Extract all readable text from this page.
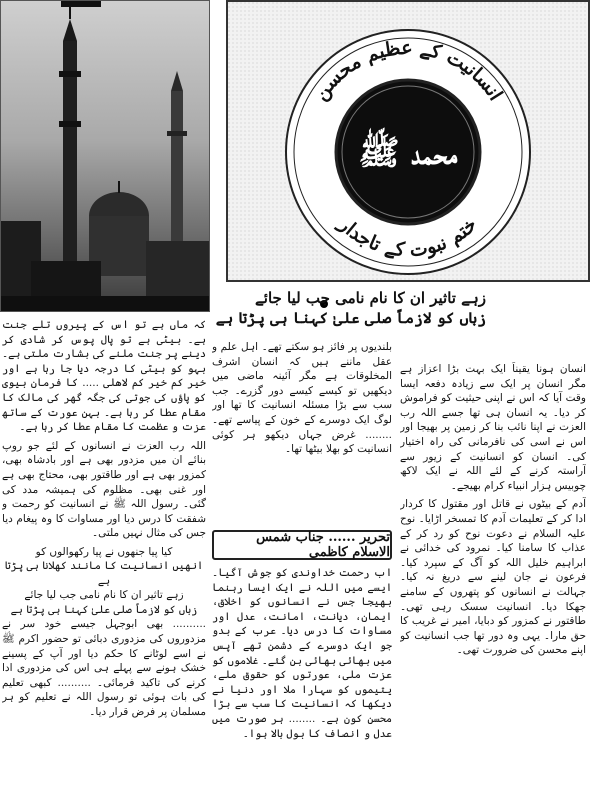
انسانیت کے عظیم محسن
ختم نبوت کے تاجدار
محمد ﷺ
زہے تاثیر ان کا نام نامی جب لیا جائے
زباں کو لازماً صلی علیٰ کہنا ہی پڑتا ہے

انسان ہونا یقیناً ایک بہت بڑا اعزاز ہے مگر انسان پر ایک سے زیادہ دفعہ ایسا وقت آیا کہ اس نے اپنی حیثیت کو فراموش کر دیا۔ یہ انسان ہی تھا جسے اللہ رب العزت نے اپنا نائب بنا کر زمین پر بھیجا اور اس نے اسی کی نافرمانی کی راہ اختیار کی۔ انسان کو انسانیت کے زیور سے آراستہ کرنے کے لئے اللہ نے ایک لاکھ چوبیس ہزار انبیاء کرام بھیجے۔

آدم کے بیٹوں نے قاتل اور مقتول کا کردار ادا کر کے تعلیمات آدم کا تمسخر اڑایا۔ نوح علیہ السلام نے دعوت نوح کو رد کر کے عذاب کا سامنا کیا۔ نمرود کی خدائی نے ابراہیم خلیل اللہ کو آگ کے سپرد کیا۔ فرعون نے جان لینے سے دریغ نہ کیا۔ جہالت نے انسانوں کو پتھروں کے سامنے جھکا دیا۔ انسانیت سسک رہی تھی۔ طاقتور نے کمزور کو دبایا، امیر نے غریب کا حق مارا۔ یہی وہ دور تھا جب انسانیت کو اپنے محسن کی ضرورت تھی۔

بلندیوں پر فائز ہو سکتے تھے۔ اہل علم و عقل ماننے ہیں کہ انسان اشرف المخلوقات ہے مگر آئینہ ماضی میں دیکھیں تو کیسے کیسے دور گزرے۔ جب سب سے بڑا مسئلہ انسانیت کا تھا اور لوگ ایک دوسرے کے خون کے پیاسے تھے۔ ........ غرض جہاں دیکھو ہر کوئی انسانیت کو بھلا بیٹھا تھا۔

تحریر ...... جناب شمس الاسلام کاظمی

اب رحمت خداوندی کو جوش آگیا۔ ایسے میں اللہ نے ایک ایسا رہنما بھیجا جس نے انسانوں کو اخلاق، ایمان، دیانت، امانت، عدل اور مساوات کا درس دیا۔ عرب کے بدو جو ایک دوسرے کے دشمن تھے آپس میں بھائی بھائی بن گئے۔ غلاموں کو عزت ملی، عورتوں کو حقوق ملے، یتیموں کو سہارا ملا اور دنیا نے دیکھا کہ انسانیت کا سب سے بڑا محسن کون ہے۔ ........ ہر صورت میں عدل و انصاف کا بول بالا ہوا۔

کہ ماں ہے تو اس کے پیروں تلے جنت ہے۔ بیٹی ہے تو پال پوس کر شادی کر دینے پر جنت ملنے کی بشارت ملتی ہے۔ بہو کو بیٹی کا درجہ دیا جا رہا ہے اور خیر کم خیر کم لاھلی ..... کا فرمان بیوی کو پاؤں کی جوتی کی جگہ گھر کی مالک کا مقام عطا کر رہا ہے۔ بہن عورت کے ساتھ عزت و عظمت کا مقام عطا کر رہا ہے۔

اللہ رب العزت نے انسانوں کے لئے جو روپ بنائے ان میں مزدور بھی ہے اور بادشاہ بھی، کمزور بھی ہے اور طاقتور بھی، محتاج بھی ہے اور غنی بھی۔ مظلوم کی ہمیشہ مدد کی گئی۔ رسول اللہ ﷺ نے انسانیت کو رحمت و شفقت کا درس دیا اور مساوات کا وہ پیغام دیا جس کی مثال نہیں ملتی۔

کیا پیا جنھوں نے پیا رکھوالوں کو
انھیں انسانیت کا مانند کھلانا ہی پڑتا ہے
زہے تاثیر ان کا نام نامی جب لیا جائے
زباں کو لازماً صلی علیٰ کہنا ہی پڑتا ہے

.......... بھی ابوجہل جیسے خود سر نے مزدوروں کی مزدوری دبائی تو حضور اکرم ﷺ نے اسے لوٹانے کا حکم دیا اور آپ کے پسینے خشک ہونے سے پہلے ہی اس کی مزدوری ادا کرنے کی تاکید فرمائی۔ .......... کبھی تعلیم کی بات ہوئی تو رسول اللہ نے تعلیم کو ہر مسلمان پر فرض قرار دیا۔
